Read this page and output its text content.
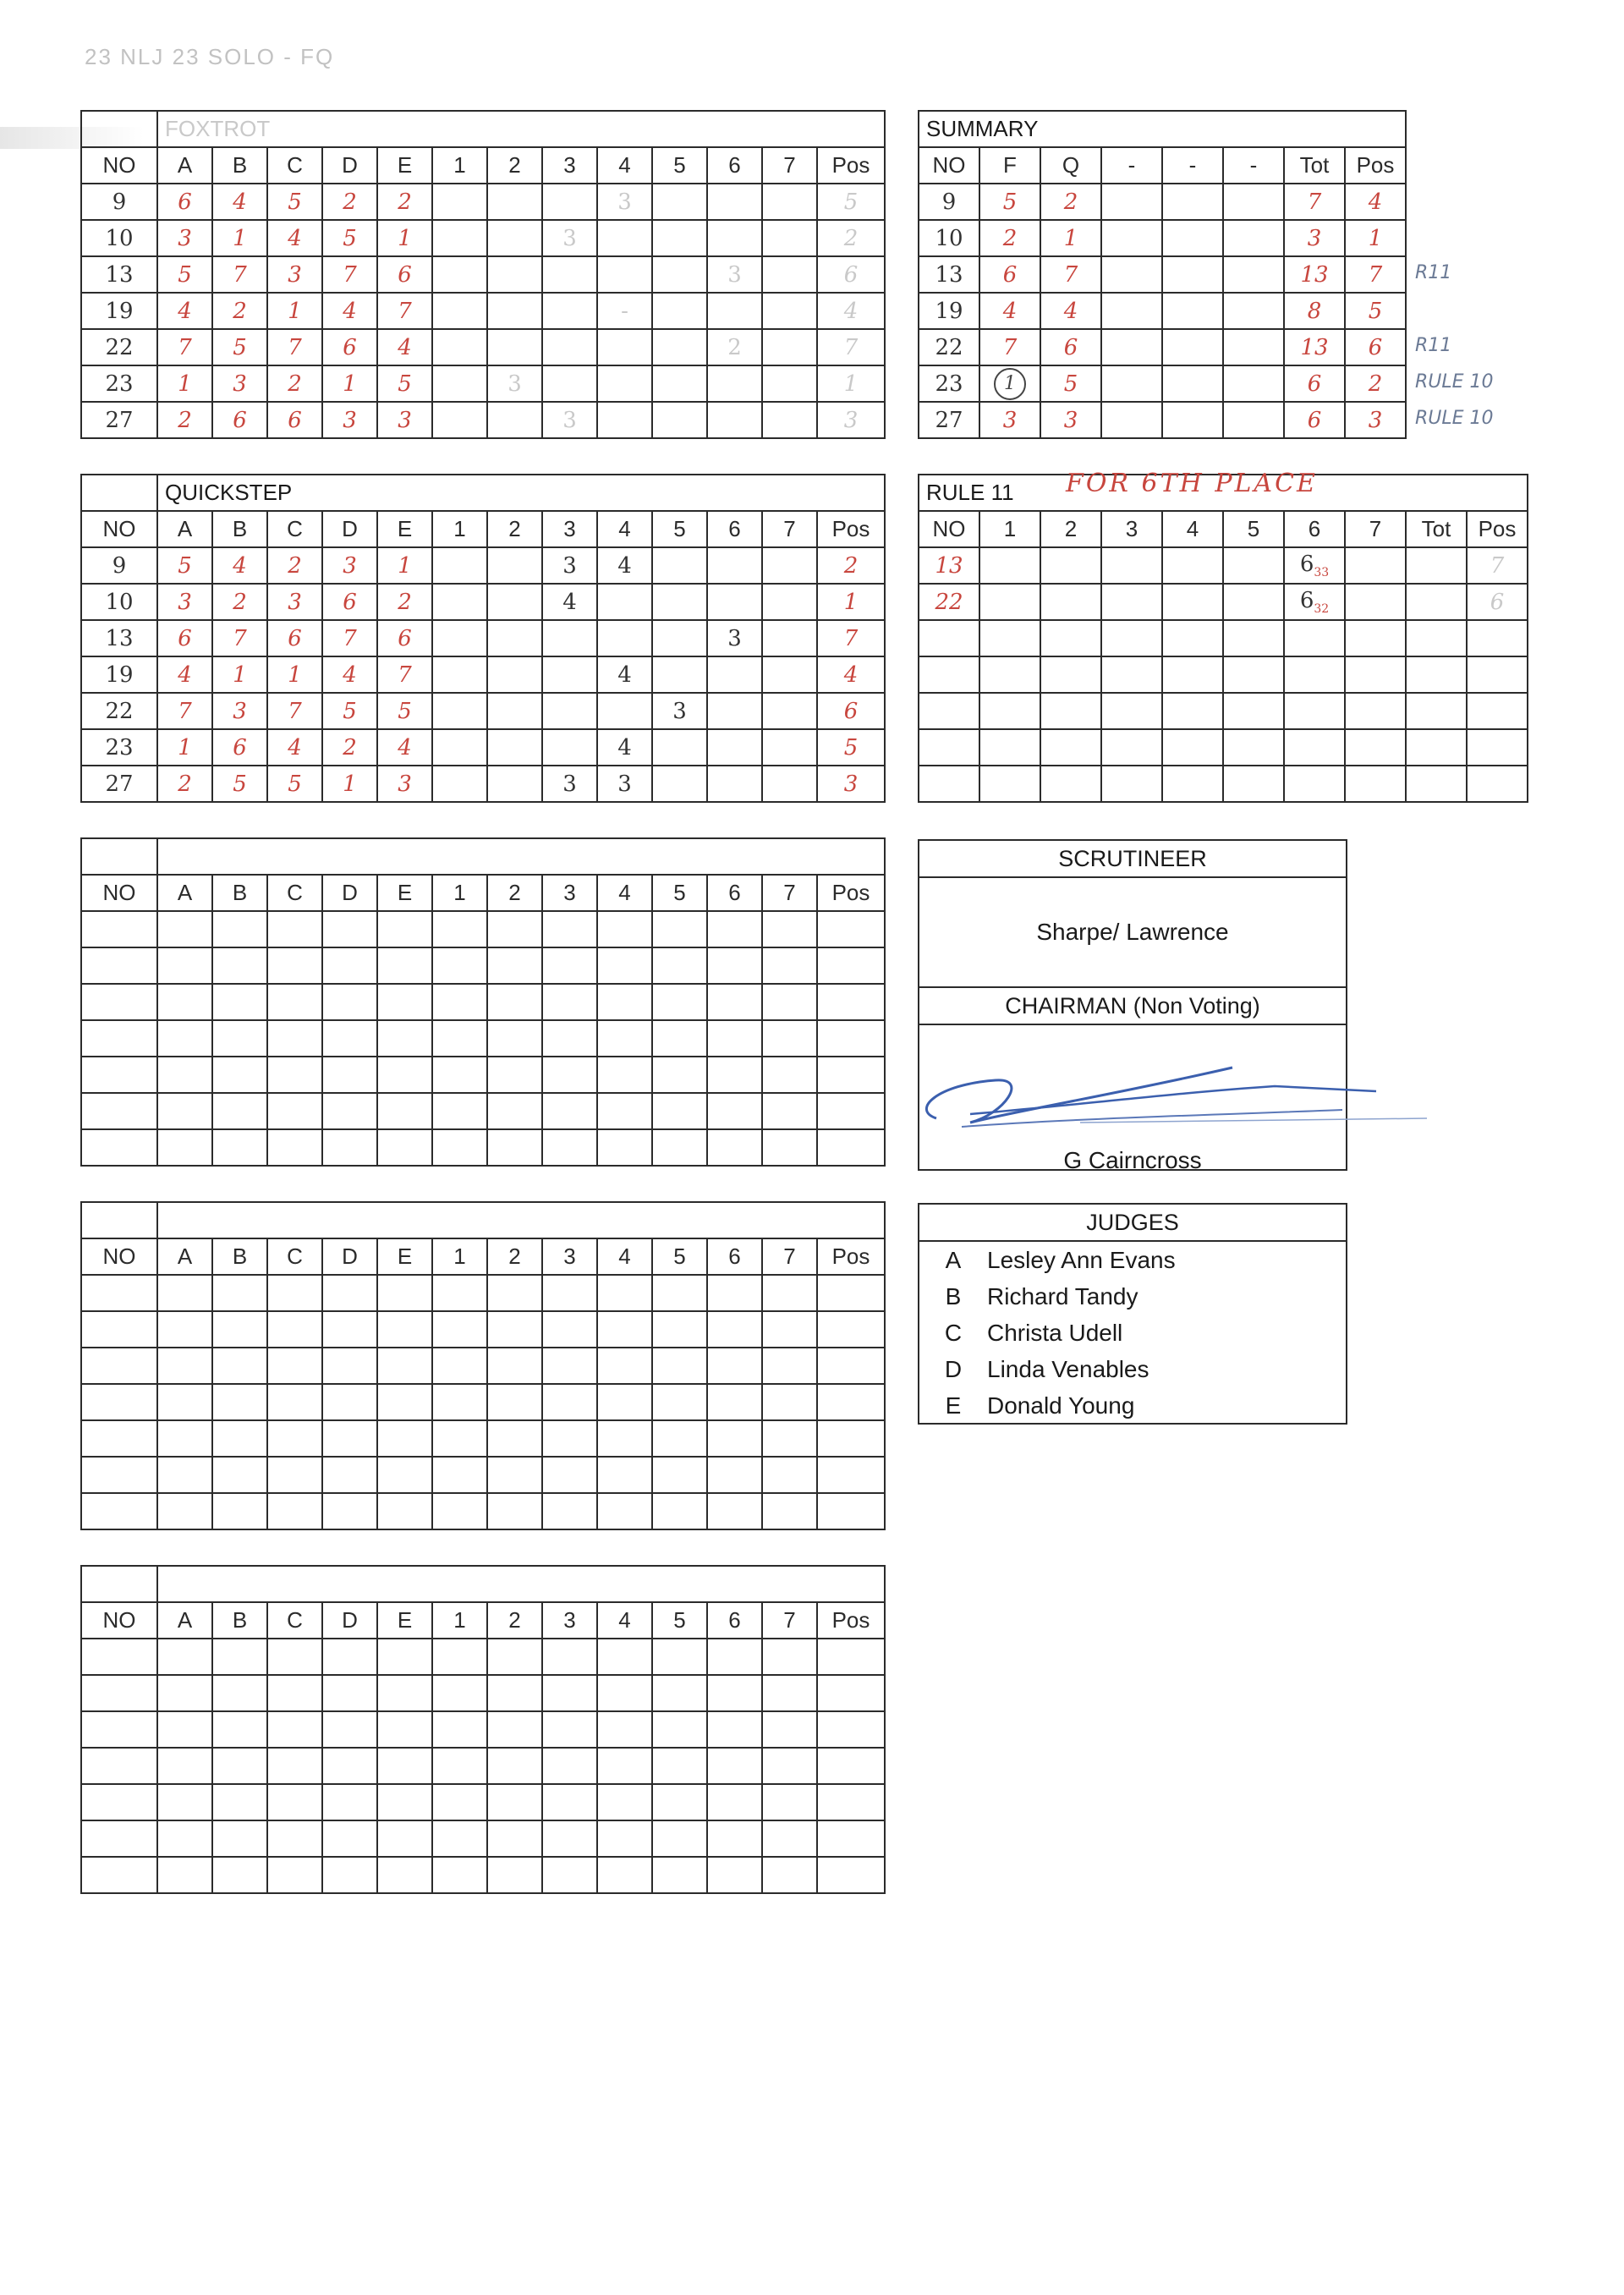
23 NLJ 23 SOLO - FQ
	FOXTROT												
NO	A	B	C	D	E	1	2	3	4	5	6	7	Pos
9	6	4	5	2	2				3				5
10	3	1	4	5	1			3					2
13	5	7	3	7	6						3		6
19	4	2	1	4	7				-				4
22	7	5	7	6	4						2		7
23	1	3	2	1	5		3						1
27	2	6	6	3	3			3					3
	QUICKSTEP												
NO	A	B	C	D	E	1	2	3	4	5	6	7	Pos
9	5	4	2	3	1			3	4				2
10	3	2	3	6	2			4					1
13	6	7	6	7	6						3		7
19	4	1	1	4	7				4				4
22	7	3	7	5	5					3			6
23	1	6	4	2	4				4				5
27	2	5	5	1	3			3	3				3
SUMMARY							
NO	F	Q	-	-	-	Tot	Pos
9	5	2				7	4
10	2	1				3	1
13	6	7				13	7
19	4	4				8	5
22	7	6				13	6
23	1	5				6	2
27	3	3				6	3
RULE 11									
NO	1	2	3	4	5	6	7	Tot	Pos
13						$6_{33}$			7
22						$6_{32}$			6

FOR 6TH PLACE

NO	A	B	C	D	E	1	2	3	4	5	6	7	Pos

NO	A	B	C	D	E	1	2	3	4	5	6	7	Pos

NO	A	B	C	D	E	1	2	3	4	5	6	7	Pos

SCRUTINEER
Sharpe/ Lawrence
CHAIRMAN (Non Voting)
G Cairncross
JUDGES
A	Lesley Ann Evans
B	Richard Tandy
C	Christa Udell
D	Linda Venables
E	Donald Young
R11
R11
RULE 10
RULE 10
